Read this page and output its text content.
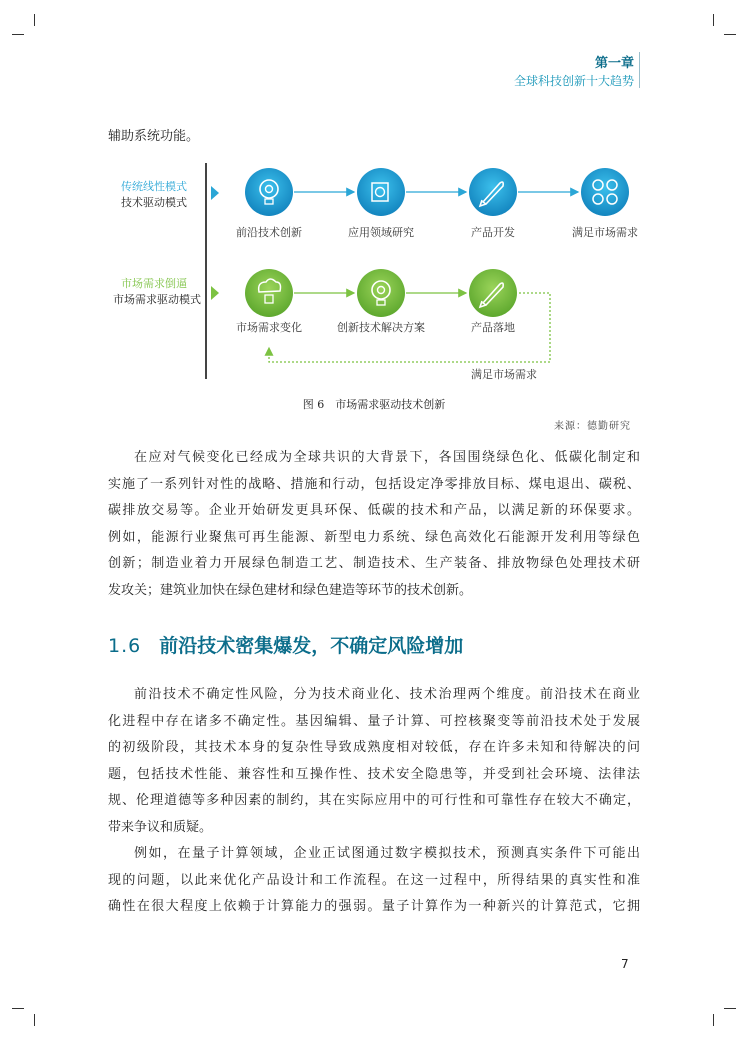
第一章
全球科技创新十大趋势
辅助系统功能。
传统线性模式
技术驱动模式
市场需求倒逼
市场需求驱动模式
前沿技术创新	应用领域研究	产品开发	满足市场需求
市场需求变化	创新技术解决方案	产品落地
满足市场需求
图 6　市场需求驱动技术创新
来源：德勤研究
在应对气候变化已经成为全球共识的大背景下，各国围绕绿色化、低碳化制定和
实施了一系列针对性的战略、措施和行动，包括设定净零排放目标、煤电退出、碳税、
碳排放交易等。企业开始研发更具环保、低碳的技术和产品，以满足新的环保要求。
例如，能源行业聚焦可再生能源、新型电力系统、绿色高效化石能源开发利用等绿色
创新；制造业着力开展绿色制造工艺、制造技术、生产装备、排放物绿色处理技术研
发攻关；建筑业加快在绿色建材和绿色建造等环节的技术创新。
1.6 前沿技术密集爆发，不确定风险增加
前沿技术不确定性风险，分为技术商业化、技术治理两个维度。前沿技术在商业
化进程中存在诸多不确定性。基因编辑、量子计算、可控核聚变等前沿技术处于发展
的初级阶段，其技术本身的复杂性导致成熟度相对较低，存在许多未知和待解决的问
题，包括技术性能、兼容性和互操作性、技术安全隐患等，并受到社会环境、法律法
规、伦理道德等多种因素的制约，其在实际应用中的可行性和可靠性存在较大不确定，
带来争议和质疑。
例如，在量子计算领域，企业正试图通过数字模拟技术，预测真实条件下可能出
现的问题，以此来优化产品设计和工作流程。在这一过程中，所得结果的真实性和准
确性在很大程度上依赖于计算能力的强弱。量子计算作为一种新兴的计算范式，它拥
7
